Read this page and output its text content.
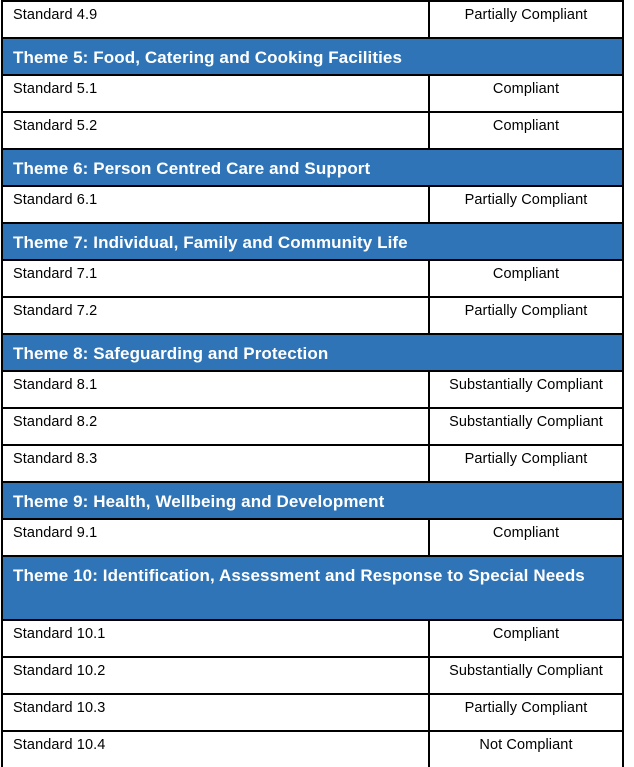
Standard 4.9	Partially Compliant
Theme 5: Food, Catering and Cooking Facilities	
Standard 5.1	Compliant
Standard 5.2	Compliant
Theme 6: Person Centred Care and Support	
Standard 6.1	Partially Compliant
Theme 7: Individual, Family and Community Life	
Standard 7.1	Compliant
Standard 7.2	Partially Compliant
Theme 8: Safeguarding and Protection	
Standard 8.1	Substantially Compliant
Standard 8.2	Substantially Compliant
Standard 8.3	Partially Compliant
Theme 9: Health, Wellbeing and Development	
Standard 9.1	Compliant
Theme 10: Identification, Assessment and Response to Special Needs	
Standard 10.1	Compliant
Standard 10.2	Substantially Compliant
Standard 10.3	Partially Compliant
Standard 10.4	Not Compliant
